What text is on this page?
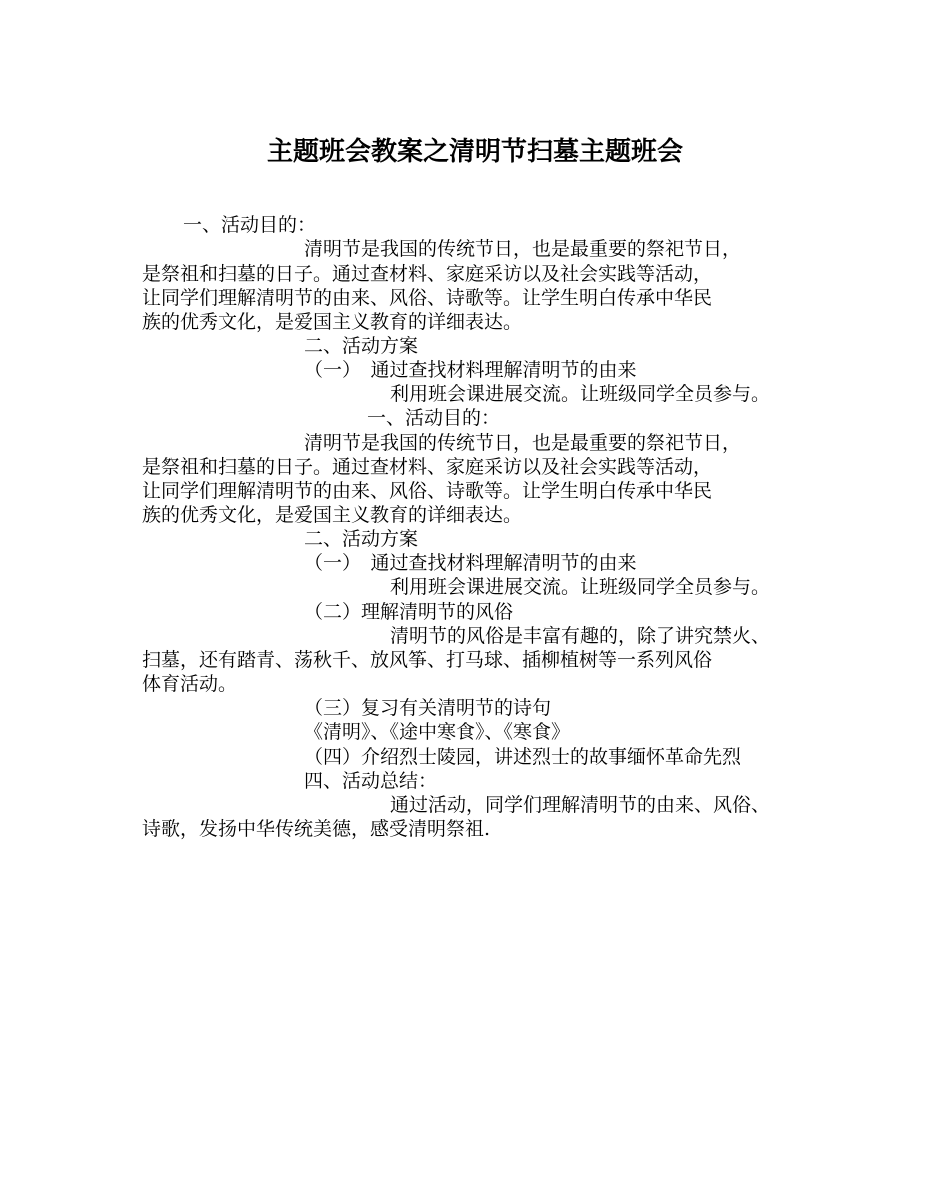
主题班会教案之清明节扫墓主题班会
一、活动目的：
清明节是我国的传统节日，也是最重要的祭祀节日，
是祭祖和扫墓的日子。通过查材料、家庭采访以及社会实践等活动，
让同学们理解清明节的由来、风俗、诗歌等。让学生明白传承中华民
族的优秀文化，是爱国主义教育的详细表达。
二、活动方案
（一）　通过查找材料理解清明节的由来
利用班会课进展交流。让班级同学全员参与。
一、活动目的：
清明节是我国的传统节日，也是最重要的祭祀节日，
是祭祖和扫墓的日子。通过查材料、家庭采访以及社会实践等活动，
让同学们理解清明节的由来、风俗、诗歌等。让学生明白传承中华民
族的优秀文化，是爱国主义教育的详细表达。
二、活动方案
（一）　通过查找材料理解清明节的由来
利用班会课进展交流。让班级同学全员参与。
（二）理解清明节的风俗
清明节的风俗是丰富有趣的，除了讲究禁火、
扫墓，还有踏青、荡秋千、放风筝、打马球、插柳植树等一系列风俗
体育活动。
（三）复习有关清明节的诗句
《清明》、《途中寒食》、《寒食》
（四）介绍烈士陵园，讲述烈士的故事缅怀革命先烈
四、活动总结：
通过活动，同学们理解清明节的由来、风俗、
诗歌，发扬中华传统美德，感受清明祭祖.
